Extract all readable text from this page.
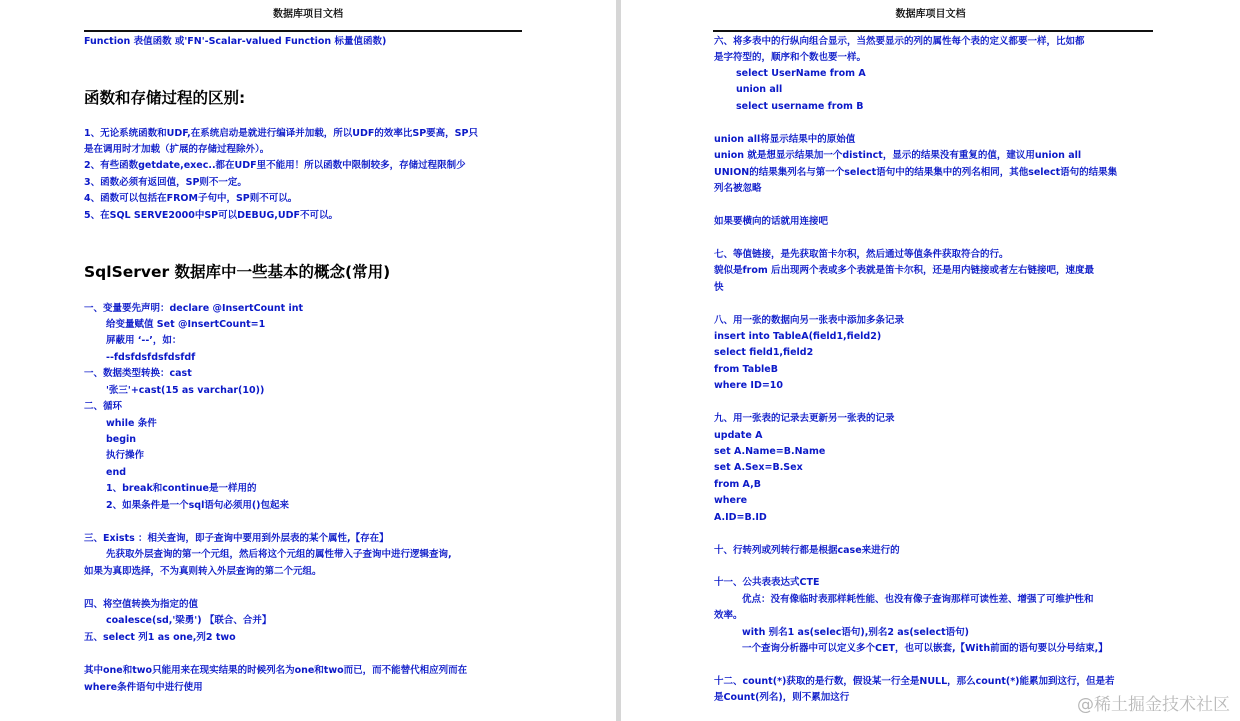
数据库项目文档
Function 表值函数 或'FN'-Scalar-valued Function 标量值函数)
函数和存储过程的区别:
1、无论系统函数和UDF,在系统启动是就进行编译并加载，所以UDF的效率比SP要高，SP只
是在调用时才加载（扩展的存储过程除外）。
2、有些函数getdate,exec..都在UDF里不能用！所以函数中限制较多，存储过程限制少
3、函数必须有返回值，SP则不一定。
4、函数可以包括在FROM子句中，SP则不可以。
5、在SQL SERVE2000中SP可以DEBUG,UDF不可以。
SqlServer 数据库中一些基本的概念(常用)
一、变量要先声明：declare @InsertCount int
给变量赋值 Set @InsertCount=1
屏蔽用 ‘--’，如：
--fdsfdsfdsfdsfdf
一、数据类型转换：cast
'张三'+cast(15 as varchar(10))
二、循环
while 条件
begin
执行操作
end
1、break和continue是一样用的
2、如果条件是一个sql语句必须用()包起来
三、Exists ：相关查询，即子查询中要用到外层表的某个属性,【存在】
先获取外层查询的第一个元组，然后将这个元组的属性带入子查询中进行逻辑查询,
如果为真即选择，不为真则转入外层查询的第二个元组。
四、将空值转换为指定的值
coalesce(sd,'梁勇') 【联合、合并】
五、select 列1 as one,列2 two
其中one和two只能用来在现实结果的时候列名为one和two而已，而不能替代相应列而在
where条件语句中进行使用
数据库项目文档
六、将多表中的行纵向组合显示，当然要显示的列的属性每个表的定义都要一样，比如都
是字符型的，顺序和个数也要一样。
select UserName from A
union all
select username from B
union all将显示结果中的原始值
union 就是想显示结果加一个distinct，显示的结果没有重复的值，建议用union all
UNION的结果集列名与第一个select语句中的结果集中的列名相同，其他select语句的结果集
列名被忽略
如果要横向的话就用连接吧
七、等值链接，是先获取笛卡尔积，然后通过等值条件获取符合的行。
貌似是from 后出现两个表或多个表就是笛卡尔积，还是用内链接或者左右链接吧，速度最
快
八、用一张的数据向另一张表中添加多条记录
insert into TableA(field1,field2)
select field1,field2
from TableB
where ID=10
九、用一张表的记录去更新另一张表的记录
update A
set A.Name=B.Name
set A.Sex=B.Sex
from A,B
where
A.ID=B.ID
十、行转列或列转行都是根据case来进行的
十一、公共表表达式CTE
优点：没有像临时表那样耗性能、也没有像子查询那样可读性差、增强了可维护性和
效率。
with 别名1 as(selec语句),别名2 as(select语句)
一个查询分析器中可以定义多个CET，也可以嵌套,【With前面的语句要以分号结束,】
十二、count(*)获取的是行数，假设某一行全是NULL，那么count(*)能累加到这行，但是若
是Count(列名)，则不累加这行	@稀土掘金技术社区
